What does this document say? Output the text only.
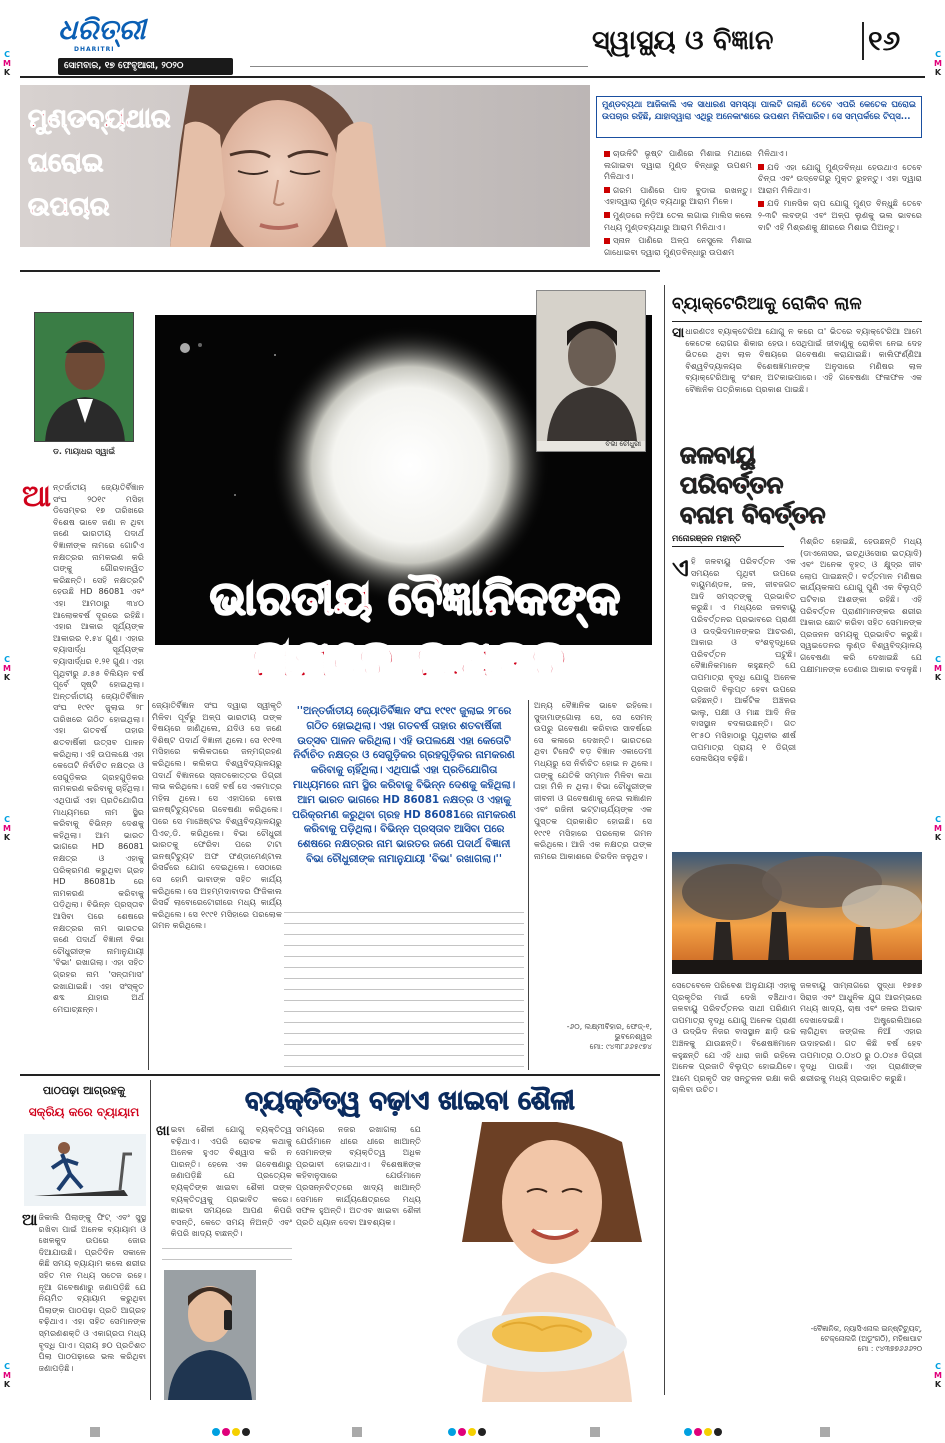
C
M
K
C
M
K
C
M
K
C
M
K
C
M
K
C
M
K
C
M
K
C
M
K
ଧରିତ୍ରୀ
DHARITRI
ସୋମବାର, ୧୭ ଫେବୃଆରୀ, ୨୦୨୦
ସ୍ୱାସ୍ଥ୍ୟ ଓ ବିଜ୍ଞାନ	୧୬
ମୁଣ୍ଡବ୍ୟଥାର
ଘରୋଇ
ଉପଚାର
ମୁଣ୍ଡବ୍ୟଥା ଆଜିକାଲି ଏକ ସାଧାରଣ ସମସ୍ୟା ପାଲଟି ଗଲାଣି ତେବେ ଏପରି କେତେକ ଘରୋଇ ଉପଚାର ରହିଛି, ଯାହାଦ୍ୱାରା ଏଥିରୁ ଅନେକାଂଶରେ ଉପଶମ ମିଳିପାରିବ। ସେ ସମ୍ପର୍କରେ ଟିପ୍ସ...
ଚାଉଳିଟି ଭୃଷ୍ଟ ପାଣିରେ ମିଶାଇ ମଥାରେ ଲଗାଇବା ଦ୍ୱାରା ମୁଣ୍ଡ ବିନ୍ଧାରୁ ଉପଶମ ମିଳିଥାଏ।
ଗରମ ପାଣିରେ ପାଦ ବୁଡାଇ ରଖନ୍ତୁ। ଏହାଦ୍ୱାରା ମୁଣ୍ଡ ବ୍ୟଥାରୁ ଆରାମ ମିଳେ।
ମୁଣ୍ଡରେ ନଡ଼ିଆ ତେଲ ଲଗାଇ ମାଲିସ କଲେ ମଧ୍ୟ ମୁଣ୍ଡବ୍ୟଥାରୁ ଆରାମ ମିଳିଥାଏ।
ସ୍ନାନ ପାଣିରେ ଅଳ୍ପ ନେସୁଲେ ମିଶାଇ ଗାଧୋଇବା ଦ୍ୱାରା ମୁଣ୍ଡବିନ୍ଧାରୁ ଉପଶମ
ମିଳିଥାଏ।
ଯଦି ଏହା ଯୋଗୁ ମୁଣ୍ଡବିନ୍ଧା ହେଉଥାଏ ତେବେ ଚିନ୍ତା ଏବଂ ଉଦ୍ବେଗରୁ ମୁକ୍ତ ରୁହନ୍ତୁ। ଏହା ଦ୍ୱାରା ଆରାମ ମିଳିଥାଏ।
ଯଦି ମାନସିକ ଚାପ ଯୋଗୁ ମୁଣ୍ଡ ବିନ୍ଧୁଛି ତେବେ ୨-୩ଟି ଲବଙ୍ଗ ଏବଂ ଅଳ୍ପ ଲୁଣକୁ ଭଲ ଭାବରେ ବାଟି ଏହି ମିଶ୍ରଣକୁ କ୍ଷୀରରେ ମିଶାଇ ପିଅନ୍ତୁ।
ଡ. ମାୟାଧର ସ୍ୱାଇଁ
ବିଭା ଚୌଧୁରୀ
ଭାରତୀୟ ବୈଜ୍ଞାନିକଙ୍କ
ନାମରେ ନକ୍ଷତ୍ର
ଆ ନ୍ତର୍ଜାତୀୟ ଜ୍ୟୋତିର୍ବିଜ୍ଞାନ ସଂଘ ୨୦୧୯ ମସିହା ଡିସେମ୍ବର ୧୭ ତାରିଖରେ ବିଶେଷ ଭାବେ ଜଣା ନ ଥିବା ଜଣେ ଭାରତୀୟ ପଦାର୍ଥ ବିଜ୍ଞାନୀଙ୍କ ନାମରେ ଗୋଟିଏ ନକ୍ଷତ୍ରର ନାମକରଣ କରି ତାଙ୍କୁ ଗୌରବାନ୍ୱିତ କରିଛନ୍ତି। ସେହି ନକ୍ଷତ୍ରଟି ହେଉଛି HD 86081 ଏବଂ ଏହା ଆମଠାରୁ ୩୪୦ ଆଲୋକବର୍ଷ ଦୂରରେ ରହିଛି। ଏହାର ଆକାର ସୂର୍ଯ୍ୟଙ୍କ ଆକାରର ୧.୫୪ ଗୁଣ। ଏହାର ବ୍ୟାସାର୍ଦ୍ଧ ସୂର୍ଯ୍ୟଙ୍କ ବ୍ୟାସାର୍ଦ୍ଧର ୧.୨୧ ଗୁଣ। ଏହା ପୃଥିବୀରୁ ୬.୫୫ ବିଲିୟନ ବର୍ଷ ପୂର୍ବେ ସୃଷ୍ଟି ହୋଇଥିଲା। ଅନ୍ତର୍ଜାତୀୟ ଜ୍ୟୋତିର୍ବିଜ୍ଞାନ ସଂଘ ୧୯୧୯ ଜୁଲାଇ ୨୮ ତାରିଖରେ ଗଠିତ ହୋଇଥିଲା। ଏହା ଗତବର୍ଷ ତାହାର ଶତବାର୍ଷିକୀ ଉତ୍ସବ ପାଳନ କରିଥିଲା। ଏହି ଉପଲକ୍ଷେ ଏହା କେତୋଟି ନିର୍ବାଚିତ ନକ୍ଷତ୍ର ଓ ସେଗୁଡ଼ିକର ଗ୍ରହଗୁଡ଼ିକର ନାମକରଣ କରିବାକୁ ଚାହିଁଥିଲା। ଏଥିପାଇଁ ଏହା ପ୍ରତିଯୋଗିତା ମାଧ୍ୟମରେ ନାମ ସ୍ଥିର କରିବାକୁ ବିଭିନ୍ନ ଦେଶକୁ କହିଥିଲା। ଆମ ଭାରତ ଭାଗରେ HD 86081 ନକ୍ଷତ୍ର ଓ ଏହାକୁ ପରିକ୍ରମଣ କରୁଥିବା ଗ୍ରହ HD 86081b ରେ ନାମକରଣ କରିବାକୁ ପଡ଼ିଥିଲା। ବିଭିନ୍ନ ପ୍ରସ୍ତାବ ଆସିବା ପରେ ଶେଷରେ ନକ୍ଷତ୍ରର ନାମ ଭାରତର ଜଣେ ପଦାର୍ଥ ବିଜ୍ଞାନୀ ବିଭା ଚୌଧୁରୀଙ୍କ ନାମାନୁଯାୟୀ 'ବିଭା' ରଖାଗଲା। ଏହା ସହିତ ଗ୍ରହର ନାମ 'ସନ୍ତାମାସ' ରଖାଯାଇଛି। ଏହା ସଂସ୍କୃତ ଶବ୍ଦ ଯାହାର ଅର୍ଥ ମେଘାଚ୍ଛନ୍ନ।
ଜ୍ୟୋତିର୍ବିଜ୍ଞାନ ସଂଘ ଦ୍ୱାରା ସ୍ୱୀକୃତି ମିଳିବା ପୂର୍ବରୁ ଅଳ୍ପ ଭାରତୀୟ ତାଙ୍କ ବିଷୟରେ ଜାଣିଥିଲେ, ଯଦିଓ ସେ ଜଣେ ବିଶିଷ୍ଟ ପଦାର୍ଥ ବିଜ୍ଞାନୀ ଥିଲେ। ସେ ୧୯୧୩ ମସିହାରେ କଲିକତାରେ ଜନ୍ମଗ୍ରହଣ କରିଥିଲେ। କଲିକତା ବିଶ୍ୱବିଦ୍ୟାଳୟରୁ ପଦାର୍ଥ ବିଜ୍ଞାନରେ ସ୍ନାତକୋତ୍ତର ଡିଗ୍ରୀ ଲାଭ କରିଥିଲେ। ସେହି ବର୍ଷ ସେ ଏକମାତ୍ର ମହିଳା ଥିଲେ। ସେ ଏହାପରେ ବୋଷ ଇନଷ୍ଟିଚ୍ୟୁଟରେ ଗବେଷଣା କରିଥିଲେ। ପରେ ସେ ମାଞ୍ଚେଷ୍ଟର ବିଶ୍ୱବିଦ୍ୟାଳୟରୁ ପିଏଚ୍.ଡି. କରିଥିଲେ। ବିଭା ଚୌଧୁରୀ ଭାରତକୁ ଫେରିବା ପରେ ଟାଟା ଇନଷ୍ଟିଚ୍ୟୁଟ ଅଫ ଫଣ୍ଡାମେଣ୍ଟାଲ ରିସର୍ଚ୍ଚରେ ଯୋଗ ଦେଇଥିଲେ। ସେଠାରେ ସେ ହୋମି ଭାବାଙ୍କ ସହିତ କାର୍ଯ୍ୟ କରିଥିଲେ। ସେ ଅହମ୍ମଦାବାଦର ଫିଜିକାଲ ରିସର୍ଚ୍ଚ ଲାବୋରେଟୋରୀରେ ମଧ୍ୟ କାର୍ଯ୍ୟ କରିଥିଲେ। ସେ ୧୯୯୧ ମସିହାରେ ପରଲୋକ ଗମନ କରିଥିଲେ।
''ଅନ୍ତର୍ଜାତୀୟ ଜ୍ୟୋତିର୍ବିଜ୍ଞାନ ସଂଘ ୧୯୧୯ ଜୁଲାଇ ୨୮ରେ ଗଠିତ ହୋଇଥିଲା। ଏହା ଗତବର୍ଷ ତାହାର ଶତବାର୍ଷିକୀ ଉତ୍ସବ ପାଳନ କରିଥିଲା। ଏହି ଉପଲକ୍ଷେ ଏହା କେତୋଟି ନିର୍ବାଚିତ ନକ୍ଷତ୍ର ଓ ସେଗୁଡ଼ିକର ଗ୍ରହଗୁଡ଼ିକର ନାମକରଣ କରିବାକୁ ଚାହିଁଥିଲା। ଏଥିପାଇଁ ଏହା ପ୍ରତିଯୋଗିତା ମାଧ୍ୟମରେ ନାମ ସ୍ଥିର କରିବାକୁ ବିଭିନ୍ନ ଦେଶକୁ କହିଥିଲା। ଆମ ଭାରତ ଭାଗରେ HD 86081 ନକ୍ଷତ୍ର ଓ ଏହାକୁ ପରିକ୍ରମଣ କରୁଥିବା ଗ୍ରହ HD 86081ରେ ନାମକରଣ କରିବାକୁ ପଡ଼ିଥିଲା। ବିଭିନ୍ନ ପ୍ରସ୍ତାବ ଆସିବା ପରେ ଶେଷରେ ନକ୍ଷତ୍ରର ନାମ ଭାରତର ଜଣେ ପଦାର୍ଥ ବିଜ୍ଞାନୀ ବିଭା ଚୌଧୁରୀଙ୍କ ନାମାନୁଯାୟୀ 'ବିଭା' ରଖାଗଲା।''
ଅନ୍ୟ ବୈଜ୍ଞାନିକ ଭାବେ ରହିଲେ। ସୁଦାମାଙ୍ଗୋଲା ସେ, ସେ ସେମନ୍ ଉପରୁ ଗବେଷଣା କରିବାର ସାବର୍ଷରେ ସେ କଳାରେ ଦେଖନ୍ତି। ଭାରତରେ ଥିବା ଟିନୋଟି ବଡ଼ ବିଜ୍ଞାନ ଏକାଡେମୀ ମଧ୍ୟରୁ ସେ ନିର୍ବାଚିତ ହୋଇ ନ ଥିଲେ। ତାଙ୍କୁ ଯେତିକି ସମ୍ମାନ ମିଳିବା କଥା ତାହା ମିଳି ନ ଥିଲା। ବିଭା ଚୌଧୁରୀଙ୍କ ଜୀବନୀ ଓ ଗବେଷଣାକୁ ନେଇ ଲଜ୍ଞାଣନ ଏବଂ ରଜିନୀ ଭଟ୍ଟାଚାର୍ଯ୍ୟଙ୍କ ଏକ ପୁସ୍ତକ ପ୍ରକାଶିତ ହୋଇଛି। ସେ ୧୯୯୧ ମସିହାରେ ପରଲୋକ ଗମନ କରିଥିଲେ। ଆଜି ଏକ ନକ୍ଷତ୍ର ତାଙ୍କ ନାମରେ ଆକାଶରେ ଚିରଦିନ ଜଳୁଥିବ।
-୬୦, ଲକ୍ଷ୍ମୀବିହାର, ଫେଜ୍-୧, ଭୁବନେଶ୍ୱର
ମୋ: ୯୪୩୮୬୬୫୯୭୪
ବ୍ୟାକ୍ଟେରିଆକୁ ରୋକିବ ଲାଳ
ସା ଧାରଣତଃ ବ୍ୟାକ୍ଟେରିଆ ଯୋଗୁ ନ କରେ ତା' ଭିତରେ ବ୍ୟାକ୍ଟେରିଆ ଆମେ କେତେକ ରୋଗର ଶିକାର ହେଉ। ସେଥିପାଇଁ ଜୀବାଣୁକୁ ରୋକିବା ନେଇ ଦେହ ଭିତରେ ଥିବା ଲାଳ ବିଷୟରେ ଗବେଷଣା କରାଯାଇଛି। କାଲିଫର୍ଣ୍ଣିଆ ବିଶ୍ୱବିଦ୍ୟାଳୟର ବିଶେଷଜ୍ଞମାନଙ୍କ ଅନୁସାରେ ମଣିଷର ଲାଳ ବ୍ୟାକ୍ଟେରିଆକୁ ଦଂଶନ୍ ଅଟକାଇପାରେ। ଏହି ଗବେଷଣା ଫଳାଫଳ ଏକ ବୈଜ୍ଞାନିକ ପତ୍ରିକାରେ ପ୍ରକାଶ ପାଇଛି।
ଜଳବାୟୁ
ପରିବର୍ତ୍ତନ
ବନାମ ବିବର୍ତ୍ତନ
ମନୋରଞ୍ଜନ ମହାନ୍ତି
ଏ ହି ଜଳବାୟୁ ପରିବର୍ତ୍ତନ ଏକ ସମୟରେ ପୃଥିବୀ ଉପରେ ବାୟୁମଣ୍ଡଳ, ଜଳ, ଜୀବଜଗତ ଆଦି ସମସ୍ତଙ୍କୁ ପ୍ରଭାବିତ କରୁଛି। ଏ ମଧ୍ୟରେ ଜଳବାୟୁ ପରିବର୍ତ୍ତନର ପ୍ରଭାବରେ ପ୍ରାଣୀ ଓ ଉଦ୍ଭିଦମାନଙ୍କର ଆଚରଣ, ଆକାର ଓ ବଂଶବୃଦ୍ଧିରେ ପରିବର୍ତ୍ତନ ଘଟୁଛି। ବୈଜ୍ଞାନିକମାନେ କହୁଛନ୍ତି ଯେ ତାପମାତ୍ରା ବୃଦ୍ଧି ଯୋଗୁ ଅନେକ ପ୍ରଜାତି ବିଲୁପ୍ତ ହେବା ଉପରେ ରହିଛନ୍ତି। ଆର୍କଟିକ ଅଞ୍ଚଳର ଭାଲୁ, ପକ୍ଷୀ ଓ ମାଛ ଆଦି ନିଜ ବାସସ୍ଥାନ ବଦଳାଉଛନ୍ତି। ଗତ ୧୮୫୦ ମସିହାଠାରୁ ପୃଥିବୀର ଶୀର୍ଷ ତାପମାତ୍ରା ପ୍ରାୟ ୧ ଡିଗ୍ରୀ ସେଲସିୟସ ବଢ଼ିଛି।
ମିଶ୍ରିତ ହୋଇଛି, ହେଉଛନ୍ତି ମଧ୍ୟ (ଡାଏନୋସର, ଇଚ୍ଥିଓସୋର ଇତ୍ୟାଦି) ଏବଂ ଅନେକ ବୃହତ୍ ଓ କ୍ଷୁଦ୍ର ଜୀବ ଲୋପ ପାଇଛନ୍ତି। ବର୍ତ୍ତମାନ ମଣିଷର କାର୍ଯ୍ୟକଳାପ ଯୋଗୁ ପୁଣି ଏକ ବିଲୁପ୍ତି ଘଟିବାର ଆଶଙ୍କା ରହିଛି। ଏହି ପରିବର୍ତ୍ତନ ପ୍ରାଣୀମାନଙ୍କର ଶରୀର ଆକାର ଛୋଟ କରିବା ସହିତ ସେମାନଙ୍କ ପ୍ରଜନନ ସମୟକୁ ପ୍ରଭାବିତ କରୁଛି। ସ୍ୱଇଡେନର ଲୁଣ୍ଡ ବିଶ୍ୱବିଦ୍ୟାଳୟ ଗବେଷଣା କରି ଦେଖାଇଛି ଯେ ପକ୍ଷୀମାନଙ୍କ ଡେଣାର ଆକାର ବଦଳୁଛି।
ସେତେବେଳେ ପରିବେଶ ଅନୁଯାୟୀ ଏହାକୁ ପ୍ରକୃତିର ମାଇଁ ଦେଖି ବଞ୍ଚିଥାଏ। ଜଳବାୟୁ ପରିବର୍ତ୍ତନର ସାଥୀ ପରିଣାମ ତାପମାତ୍ରା ବୃଦ୍ଧି ଯୋଗୁ ଅନେକ ପ୍ରାଣୀ ଓ ଉଦ୍ଭିଦ ନିଜର ବାସସ୍ଥାନ ଛାଡ଼ି ଉଚ୍ଚ ଅଞ୍ଚଳକୁ ଯାଉଛନ୍ତି। ବିଶେଷଜ୍ଞମାନେ କହୁଛନ୍ତି ଯେ ଏହି ଧାରା ଜାରି ରହିଲେ ଅନେକ ପ୍ରଜାତି ବିଲୁପ୍ତ ହୋଇଯିବେ। ଆମେ ପ୍ରକୃତି ସହ ସନ୍ତୁଳନ ରକ୍ଷା କରି ଚାଲିବା ଉଚିତ।
ଜଳବାୟୁ ସାମ୍ନାଗରେ ସୁଦ୍ଧା ୧୭୫୭ ସିରାଜ ଏବଂ ଆଧୁନିକ ଯୁଗ ଆରମ୍ଭରେ ମଧ୍ୟ ଖାଦ୍ୟ, ଚାଷ ଏବଂ ଜଳର ଅଭାବ ଦେଖାଦେଇଛି। ଅଷ୍ଟ୍ରେଲିଆରେ ଲାଗିଥିବା ଜଙ୍ଗଲ ନିଆଁ ଏହାର ଉଦାହରଣ। ଗତ କିଛି ବର୍ଷ ହେବ ତାପମାତ୍ରା ୦.୦୪୦ ରୁ ୦.୦୪୫ ଡିଗ୍ରୀ ବୃଦ୍ଧି ପାଉଛି। ଏହା ପ୍ରାଣୀଙ୍କ ଶରୀରକୁ ମଧ୍ୟ ପ୍ରଭାବିତ କରୁଛି।
-ବୈଜ୍ଞାନିକ, ନ୍ୟାସିଏନାଲ ଇନ୍ଷ୍ଟିଚ୍ୟୁଟ୍, ଟେକ୍ନୋଲଜି (ଅଡୁଂଗଠି), ମହିଷାପାଟ
ମୋ : ୯୪୩୭୭୬୬୬୨୦
ପାଠପଢ଼ା ଆଗ୍ରହକୁ
ସକ୍ରିୟ କରେ ବ୍ୟାୟାମ
ଆ ଜିକାଲି ପିଲାଙ୍କୁ ଫିଟ୍ ଏବଂ ସୁସ୍ଥ ରଖିବା ପାଇଁ ଅନେକ ବ୍ୟାୟାମ ଓ ଖେଳକୁଦ ଉପରେ ଜୋର ଦିଆଯାଉଛି। ପ୍ରତିଦିନ ସକାଳେ କିଛି ସମୟ ବ୍ୟାୟାମ କଲେ ଶରୀର ସହିତ ମନ ମଧ୍ୟ ସତେଜ ରହେ। ନୂଆ ଗବେଷଣାରୁ ଜଣାପଡ଼ିଛି ଯେ ନିୟମିତ ବ୍ୟାୟାମ କରୁଥିବା ପିଲାଙ୍କ ପାଠପଢ଼ା ପ୍ରତି ଆଗ୍ରହ ବଢ଼ିଥାଏ। ଏହା ସହିତ ସେମାନଙ୍କ ସ୍ମରଣଶକ୍ତି ଓ ଏକାଗ୍ରତା ମଧ୍ୟ ବୃଦ୍ଧି ପାଏ। ପ୍ରାୟ ୭୦ ପ୍ରତିଶତ ପିଲା ପାଠପଢ଼ାରେ ଭଲ କରିଥିବା ଜଣାପଡ଼ିଛି।
ବ୍ୟକ୍ତିତ୍ୱ ବଢ଼ାଏ ଖାଇବା ଶୈଳୀ
ଖା ଇବା ଶୈଳୀ ଯୋଗୁ ବ୍ୟକ୍ତିତ୍ୱ ବଢ଼ିଥାଏ। ଏପରି ରୋଚକ କଥାକୁ ଅନେକ ହୁଏତ ବିଶ୍ୱାସ କରି ନ ପାରନ୍ତି। ହେଲେ ଏକ ଗବେଷଣାରୁ ଜଣାପଡ଼ିଛି ଯେ ପ୍ରତ୍ୟେକ ବ୍ୟକ୍ତିଙ୍କ ଖାଇବା ଶୈଳୀ ତାଙ୍କ ବ୍ୟକ୍ତିତ୍ୱକୁ ପ୍ରଭାବିତ କରେ। ଖାଇବା ସମୟରେ ଆପଣ କିପରି ବସନ୍ତି, କେତେ ସମୟ ନିଅନ୍ତି ଏବଂ କିପରି ଖାଦ୍ୟ ବାଛନ୍ତି।
ସମୟରେ ନଜର ରଖାଗଲା ଯେ ଯେଉଁମାନେ ଧୀରେ ଧୀରେ ଖାଆନ୍ତି ସେମାନଙ୍କ ବ୍ୟକ୍ତିତ୍ୱ ଅଧିକ ପ୍ରଭାବୀ ହୋଇଥାଏ। ବିଶେଷଜ୍ଞଙ୍କ କହିବାନୁସାରେ ଯେଉଁମାନେ ପ୍ରସନ୍ନଚିତ୍ତରେ ଖାଦ୍ୟ ଖାଆନ୍ତି ସେମାନେ କାର୍ଯ୍ୟକ୍ଷେତ୍ରରେ ମଧ୍ୟ ସଫଳ ହୁଅନ୍ତି। ଅତଏବ ଖାଇବା ଶୈଳୀ ପ୍ରତି ଧ୍ୟାନ ଦେବା ଆବଶ୍ୟକ।
